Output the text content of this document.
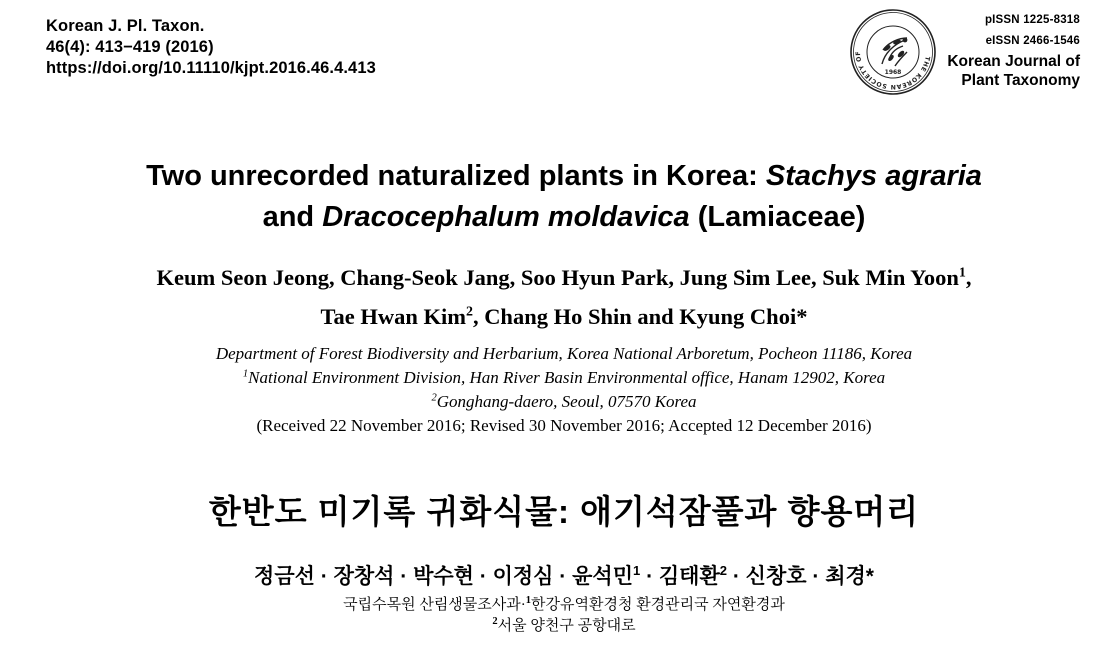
Korean J. Pl. Taxon.
46(4): 413−419 (2016)
https://doi.org/10.11110/kjpt.2016.46.4.413
THE KOREAN SOCIETY OF
1968
pISSN 1225-8318
eISSN 2466-1546
Korean Journal of
Plant Taxonomy
Two unrecorded naturalized plants in Korea: Stachys agraria
and Dracocephalum moldavica (Lamiaceae)
Keum Seon Jeong, Chang-Seok Jang, Soo Hyun Park, Jung Sim Lee, Suk Min Yoon$^1$,
Tae Hwan Kim$^2$, Chang Ho Shin and Kyung Choi*
Department of Forest Biodiversity and Herbarium, Korea National Arboretum, Pocheon 11186, Korea
$^1$National Environment Division, Han River Basin Environmental office, Hanam 12902, Korea
$^2$Gonghang-daero, Seoul, 07570 Korea
(Received 22 November 2016; Revised 30 November 2016; Accepted 12 December 2016)
한반도 미기록 귀화식물: 애기석잠풀과 향용머리
정금선 · 장창석 · 박수현 · 이정심 · 윤석민$^1$ · 김태환$^2$ · 신창호 · 최경*
국립수목원 산림생물조사과·$^1$한강유역환경청 환경관리국 자연환경과
$^2$서울 양천구 공항대로
